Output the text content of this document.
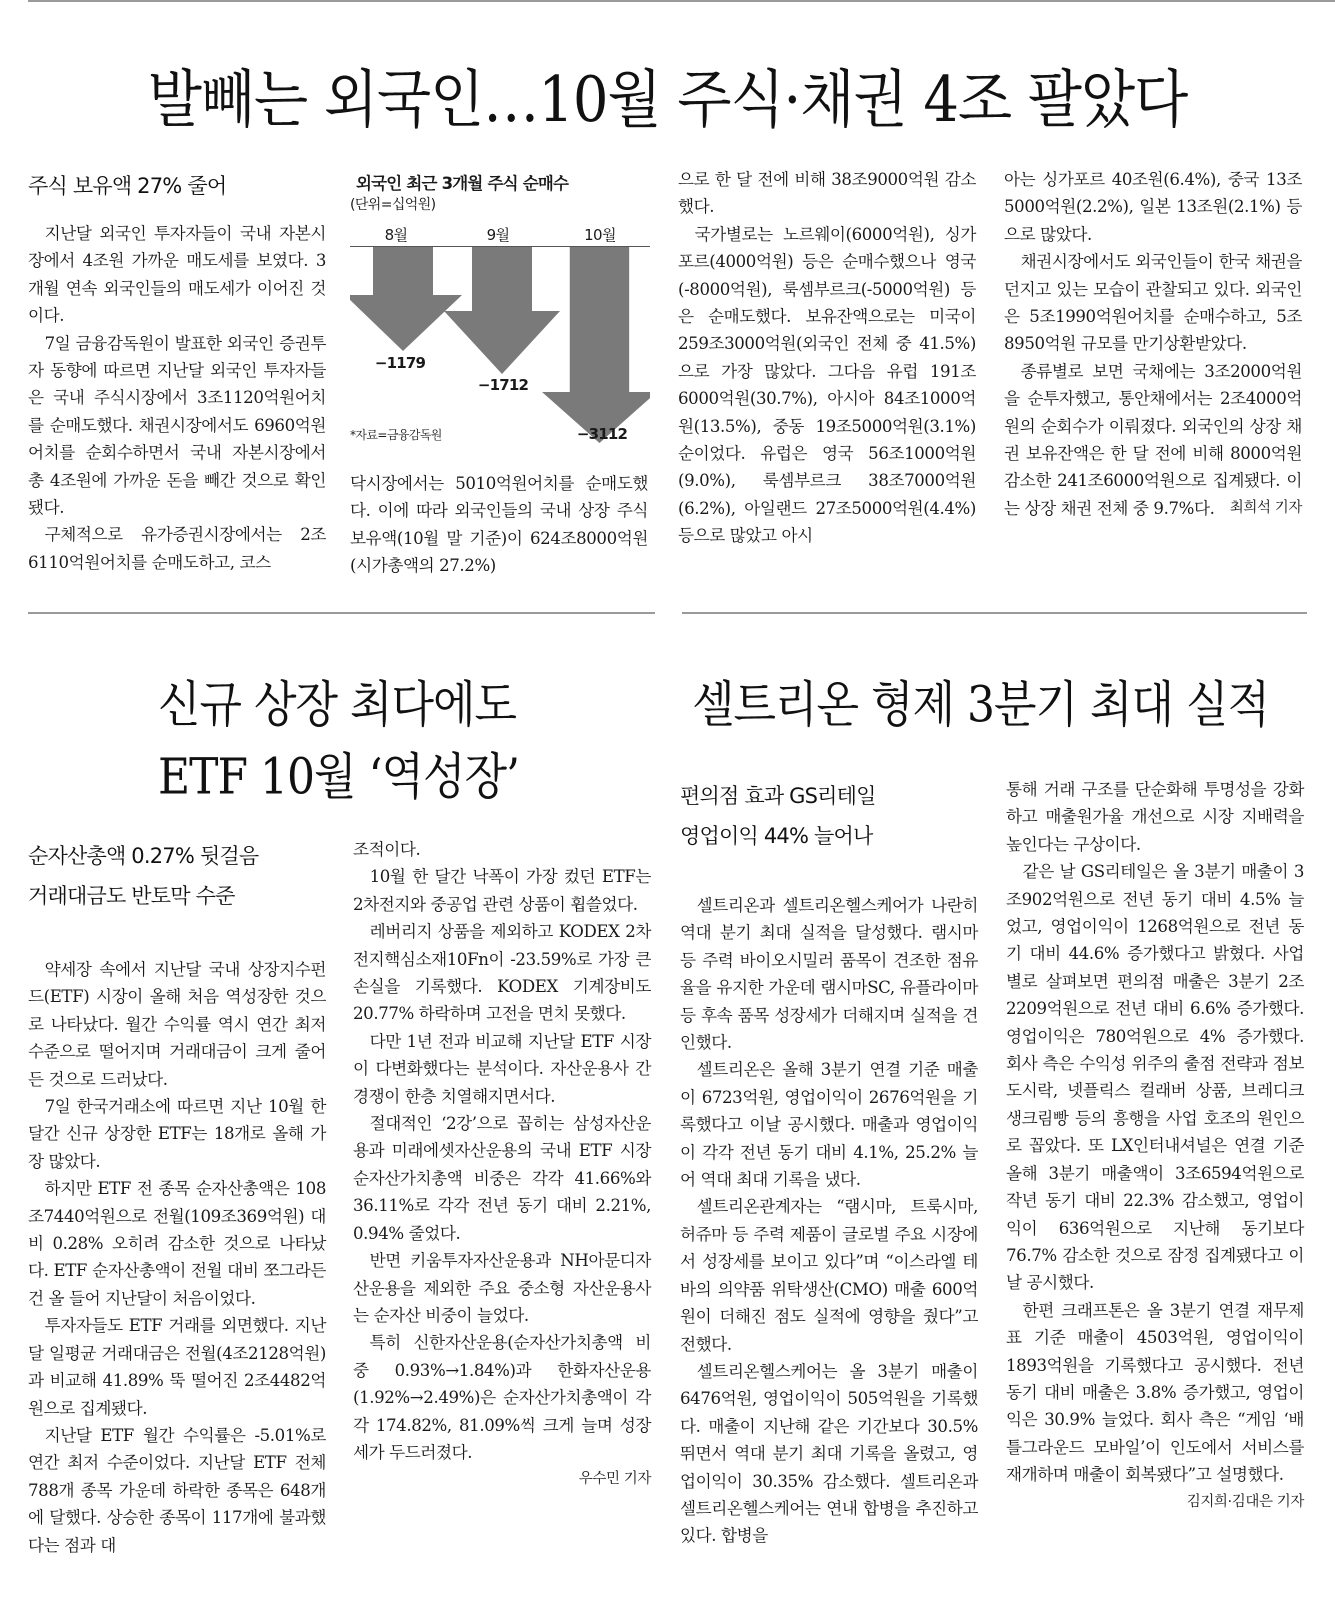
발빼는 외국인…10월 주식·채권 4조 팔았다
주식 보유액 27% 줄어

지난달 외국인 투자자들이 국내 자본시장에서 4조원 가까운 매도세를 보였다. 3개월 연속 외국인들의 매도세가 이어진 것이다.

7일 금융감독원이 발표한 외국인 증권투자 동향에 따르면 지난달 외국인 투자자들은 국내 주식시장에서 3조1120억원어치를 순매도했다. 채권시장에서도 6960억원어치를 순회수하면서 국내 자본시장에서 총 4조원에 가까운 돈을 빼간 것으로 확인됐다.

구체적으로 유가증권시장에서는 2조6110억원어치를 순매도하고, 코스

외국인 최근 3개월 주식 순매수
(단위=십억원)
8월	9월	10월
−1179
−1712
*자료=금융감독원	−3112

닥시장에서는 5010억원어치를 순매도했다. 이에 따라 외국인들의 국내 상장 주식 보유액(10월 말 기준)이 624조8000억원(시가총액의 27.2%)

으로 한 달 전에 비해 38조9000억원 감소했다.

국가별로는 노르웨이(6000억원), 싱가포르(4000억원) 등은 순매수했으나 영국(-8000억원), 룩셈부르크(-5000억원) 등은 순매도했다. 보유잔액으로는 미국이 259조3000억원(외국인 전체 중 41.5%)으로 가장 많았다. 그다음 유럽 191조6000억원(30.7%), 아시아 84조1000억원(13.5%), 중동 19조5000억원(3.1%) 순이었다. 유럽은 영국 56조1000억원(9.0%), 룩셈부르크 38조7000억원(6.2%), 아일랜드 27조5000억원(4.4%) 등으로 많았고 아시

아는 싱가포르 40조원(6.4%), 중국 13조5000억원(2.2%), 일본 13조원(2.1%) 등으로 많았다.

채권시장에서도 외국인들이 한국 채권을 던지고 있는 모습이 관찰되고 있다. 외국인은 5조1990억원어치를 순매수하고, 5조8950억원 규모를 만기상환받았다.

종류별로 보면 국채에는 3조2000억원을 순투자했고, 통안채에서는 2조4000억원의 순회수가 이뤄졌다. 외국인의 상장 채권 보유잔액은 한 달 전에 비해 8000억원 감소한 241조6000억원으로 집계됐다. 이는 상장 채권 전체 중 9.7%다.	최희석 기자
신규 상장 최다에도
ETF 10월 ‘역성장’
순자산총액 0.27% 뒷걸음
거래대금도 반토막 수준

약세장 속에서 지난달 국내 상장지수펀드(ETF) 시장이 올해 처음 역성장한 것으로 나타났다. 월간 수익률 역시 연간 최저 수준으로 떨어지며 거래대금이 크게 줄어든 것으로 드러났다.

7일 한국거래소에 따르면 지난 10월 한 달간 신규 상장한 ETF는 18개로 올해 가장 많았다.

하지만 ETF 전 종목 순자산총액은 108조7440억원으로 전월(109조369억원) 대비 0.28% 오히려 감소한 것으로 나타났다. ETF 순자산총액이 전월 대비 쪼그라든 건 올 들어 지난달이 처음이었다.

투자자들도 ETF 거래를 외면했다. 지난달 일평균 거래대금은 전월(4조2128억원)과 비교해 41.89% 뚝 떨어진 2조4482억원으로 집계됐다.

지난달 ETF 월간 수익률은 -5.01%로 연간 최저 수준이었다. 지난달 ETF 전체 788개 종목 가운데 하락한 종목은 648개에 달했다. 상승한 종목이 117개에 불과했다는 점과 대

조적이다.

10월 한 달간 낙폭이 가장 컸던 ETF는 2차전지와 중공업 관련 상품이 휩쓸었다.

레버리지 상품을 제외하고 KODEX 2차전지핵심소재10Fn이 -23.59%로 가장 큰 손실을 기록했다. KODEX 기계장비도 20.77% 하락하며 고전을 면치 못했다.

다만 1년 전과 비교해 지난달 ETF 시장이 다변화했다는 분석이다. 자산운용사 간 경쟁이 한층 치열해지면서다.

절대적인 ‘2강’으로 꼽히는 삼성자산운용과 미래에셋자산운용의 국내 ETF 시장 순자산가치총액 비중은 각각 41.66%와 36.11%로 각각 전년 동기 대비 2.21%, 0.94% 줄었다.

반면 키움투자자산운용과 NH아문디자산운용을 제외한 주요 중소형 자산운용사는 순자산 비중이 늘었다.

특히 신한자산운용(순자산가치총액 비중 0.93%→1.84%)과 한화자산운용(1.92%→2.49%)은 순자산가치총액이 각각 174.82%, 81.09%씩 크게 늘며 성장세가 두드러졌다.

우수민 기자
셀트리온 형제 3분기 최대 실적
편의점 효과 GS리테일
영업이익 44% 늘어나

셀트리온과 셀트리온헬스케어가 나란히 역대 분기 최대 실적을 달성했다. 램시마 등 주력 바이오시밀러 품목이 견조한 점유율을 유지한 가운데 램시마SC, 유플라이마 등 후속 품목 성장세가 더해지며 실적을 견인했다.

셀트리온은 올해 3분기 연결 기준 매출이 6723억원, 영업이익이 2676억원을 기록했다고 이날 공시했다. 매출과 영업이익이 각각 전년 동기 대비 4.1%, 25.2% 늘어 역대 최대 기록을 냈다.

셀트리온관계자는 “램시마, 트룩시마, 허쥬마 등 주력 제품이 글로벌 주요 시장에서 성장세를 보이고 있다”며 “이스라엘 테바의 의약품 위탁생산(CMO) 매출 600억원이 더해진 점도 실적에 영향을 줬다”고 전했다.

셀트리온헬스케어는 올 3분기 매출이 6476억원, 영업이익이 505억원을 기록했다. 매출이 지난해 같은 기간보다 30.5% 뛰면서 역대 분기 최대 기록을 올렸고, 영업이익이 30.35% 감소했다. 셀트리온과 셀트리온헬스케어는 연내 합병을 추진하고 있다. 합병을

통해 거래 구조를 단순화해 투명성을 강화하고 매출원가율 개선으로 시장 지배력을 높인다는 구상이다.

같은 날 GS리테일은 올 3분기 매출이 3조902억원으로 전년 동기 대비 4.5% 늘었고, 영업이익이 1268억원으로 전년 동기 대비 44.6% 증가했다고 밝혔다. 사업별로 살펴보면 편의점 매출은 3분기 2조2209억원으로 전년 대비 6.6% 증가했다. 영업이익은 780억원으로 4% 증가했다. 회사 측은 수익성 위주의 출점 전략과 점보도시락, 넷플릭스 컬래버 상품, 브레디크 생크림빵 등의 흥행을 사업 호조의 원인으로 꼽았다. 또 LX인터내셔널은 연결 기준 올해 3분기 매출액이 3조6594억원으로 작년 동기 대비 22.3% 감소했고, 영업이익이 636억원으로 지난해 동기보다 76.7% 감소한 것으로 잠정 집계됐다고 이날 공시했다.

한편 크래프톤은 올 3분기 연결 재무제표 기준 매출이 4503억원, 영업이익이 1893억원을 기록했다고 공시했다. 전년 동기 대비 매출은 3.8% 증가했고, 영업이익은 30.9% 늘었다. 회사 측은 “게임 ‘배틀그라운드 모바일’이 인도에서 서비스를 재개하며 매출이 회복됐다”고 설명했다.

김지희·김대은 기자
